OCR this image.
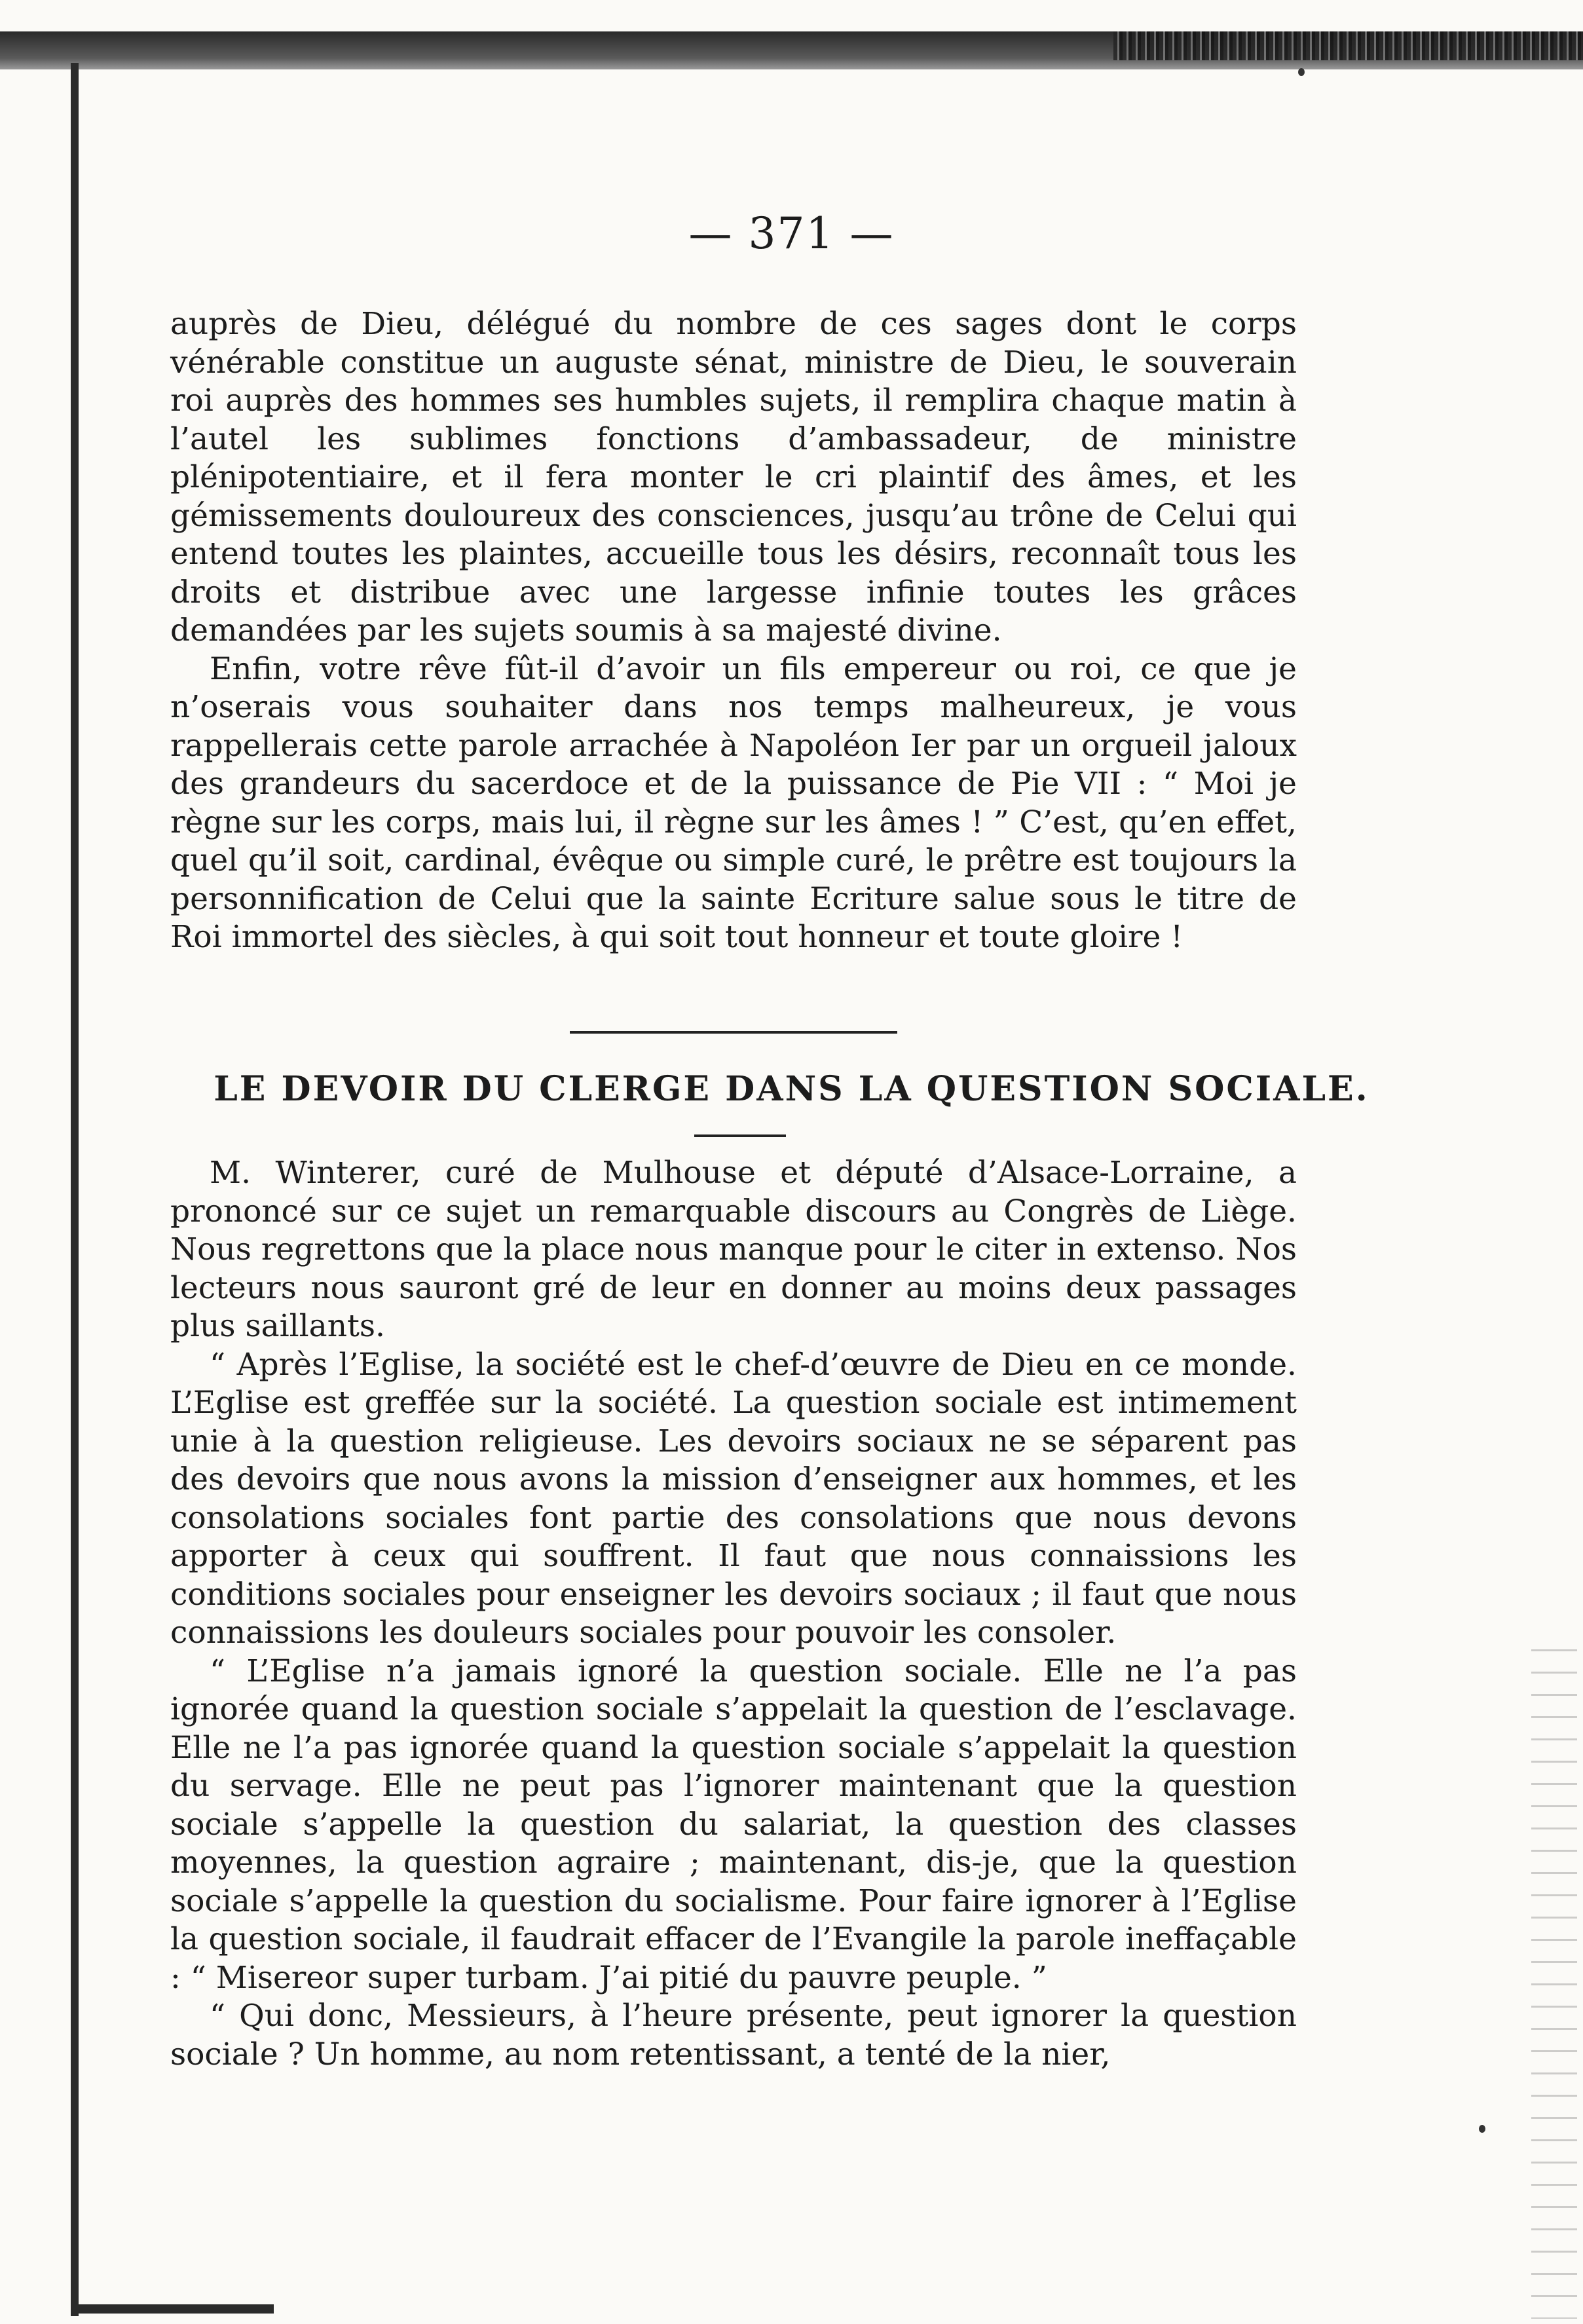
— 371 —

auprès de Dieu, délégué du nombre de ces sages dont le corps vénérable constitue un auguste sénat, ministre de Dieu, le souverain roi auprès des hommes ses humbles sujets, il remplira chaque matin à l’autel les sublimes fonctions d’ambassadeur, de ministre plénipotentiaire, et il fera monter le cri plaintif des âmes, et les gémissements douloureux des consciences, jusqu’au trône de Celui qui entend toutes les plaintes, accueille tous les désirs, reconnaît tous les droits et distribue avec une largesse infinie toutes les grâces demandées par les sujets soumis à sa majesté divine.

Enfin, votre rêve fût-il d’avoir un fils empereur ou roi, ce que je n’oserais vous souhaiter dans nos temps malheureux, je vous rappellerais cette parole arrachée à Napoléon Ier par un orgueil jaloux des grandeurs du sacerdoce et de la puissance de Pie VII : “ Moi je règne sur les corps, mais lui, il règne sur les âmes ! ” C’est, qu’en effet, quel qu’il soit, cardinal, évêque ou simple curé, le prêtre est toujours la personnification de Celui que la sainte Ecriture salue sous le titre de Roi immortel des siècles, à qui soit tout honneur et toute gloire !

LE DEVOIR DU CLERGE DANS LA QUESTION SOCIALE.

M. Winterer, curé de Mulhouse et député d’Alsace-Lorraine, a prononcé sur ce sujet un remarquable discours au Congrès de Liège. Nous regrettons que la place nous manque pour le citer in extenso. Nos lecteurs nous sauront gré de leur en donner au moins deux passages plus saillants.

“ Après l’Eglise, la société est le chef-d’œuvre de Dieu en ce monde. L’Eglise est greffée sur la société. La question sociale est intimement unie à la question religieuse. Les devoirs sociaux ne se séparent pas des devoirs que nous avons la mission d’enseigner aux hommes, et les consolations sociales font partie des consolations que nous devons apporter à ceux qui souffrent. Il faut que nous connaissions les conditions sociales pour enseigner les devoirs sociaux ; il faut que nous connaissions les douleurs sociales pour pouvoir les consoler.

“ L’Eglise n’a jamais ignoré la question sociale. Elle ne l’a pas ignorée quand la question sociale s’appelait la question de l’esclavage. Elle ne l’a pas ignorée quand la question sociale s’appelait la question du servage. Elle ne peut pas l’ignorer maintenant que la question sociale s’appelle la question du salariat, la question des classes moyennes, la question agraire ; maintenant, dis-je, que la question sociale s’appelle la question du socialisme. Pour faire ignorer à l’Eglise la question sociale, il faudrait effacer de l’Evangile la parole ineffaçable : “ Misereor super turbam. J’ai pitié du pauvre peuple. ”

“ Qui donc, Messieurs, à l’heure présente, peut ignorer la question sociale ? Un homme, au nom retentissant, a tenté de la nier,
